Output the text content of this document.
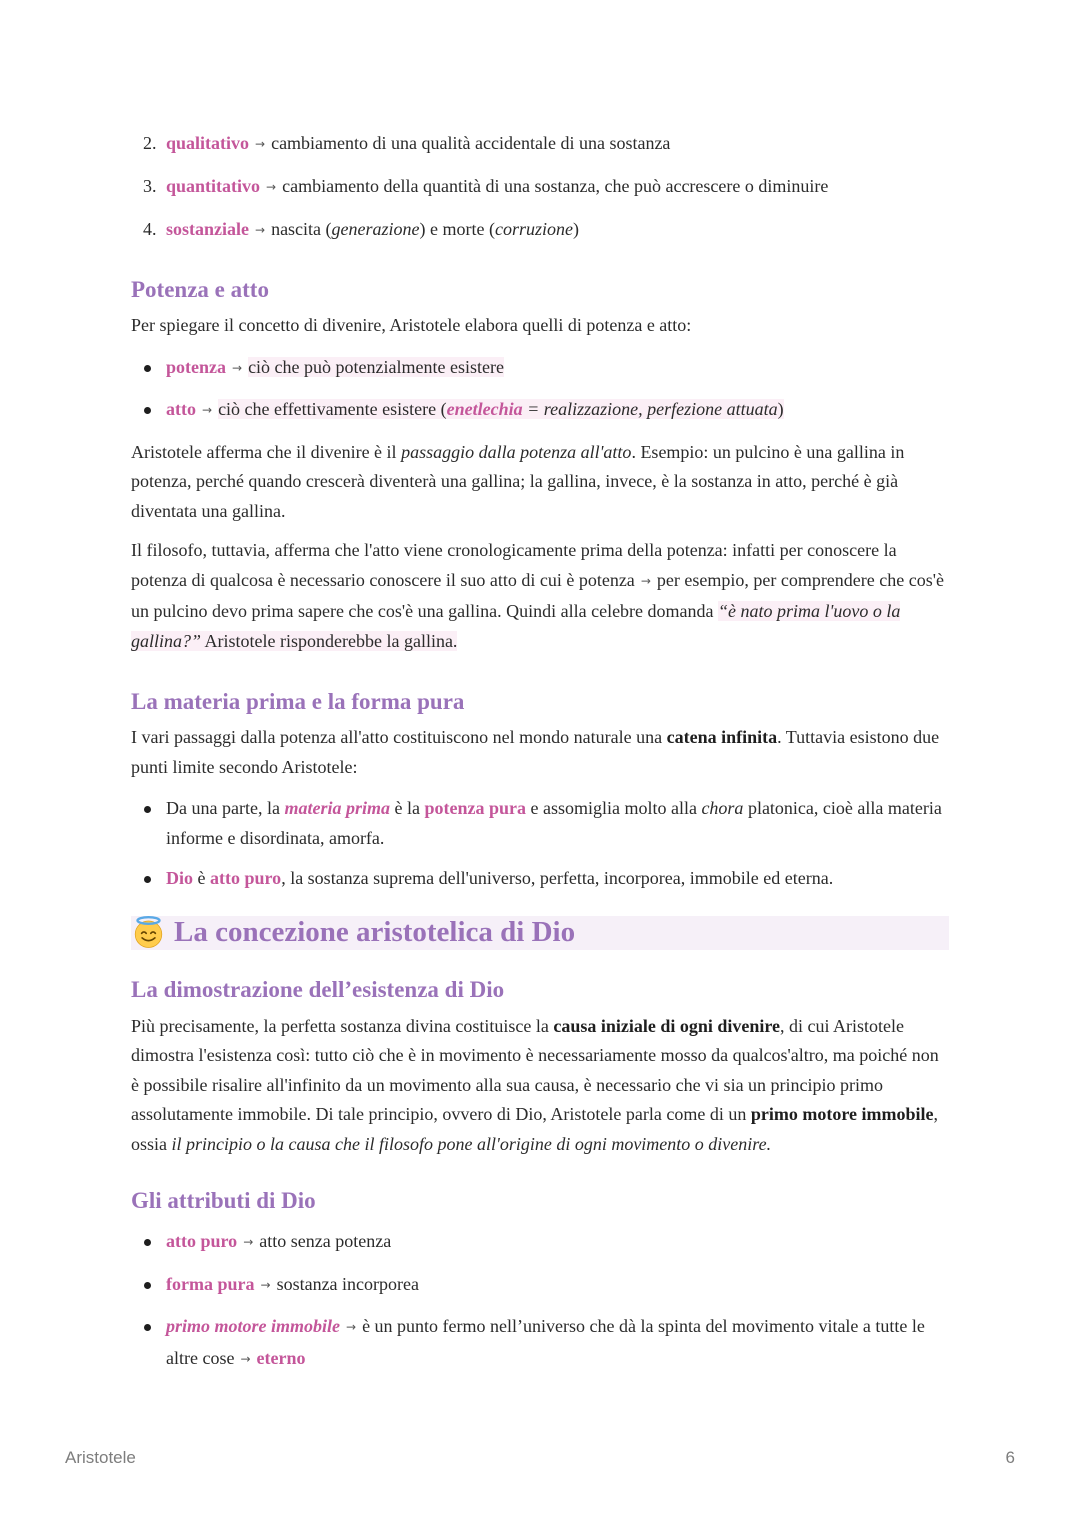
2. qualitativo → cambiamento di una qualità accidentale di una sostanza
3. quantitativo → cambiamento della quantità di una sostanza, che può accrescere o diminuire
4. sostanziale → nascita (generazione) e morte (corruzione)
Potenza e atto

Per spiegare il concetto di divenire, Aristotele elabora quelli di potenza e atto:

potenza → ciò che può potenzialmente esistere
atto → ciò che effettivamente esistere (enetlechia = realizzazione, perfezione attuata)

Aristotele afferma che il divenire è il passaggio dalla potenza all'atto. Esempio: un pulcino è una gallina in potenza, perché quando crescerà diventerà una gallina; la gallina, invece, è la sostanza in atto, perché è già diventata una gallina.

Il filosofo, tuttavia, afferma che l'atto viene cronologicamente prima della potenza: infatti per conoscere la potenza di qualcosa è necessario conoscere il suo atto di cui è potenza → per esempio, per comprendere che cos'è un pulcino devo prima sapere che cos'è una gallina. Quindi alla celebre domanda “è nato prima l'uovo o la gallina?” Aristotele risponderebbe la gallina.

La materia prima e la forma pura

I vari passaggi dalla potenza all'atto costituiscono nel mondo naturale una catena infinita. Tuttavia esistono due punti limite secondo Aristotele:

Da una parte, la materia prima è la potenza pura e assomiglia molto alla chora platonica, cioè alla materia informe e disordinata, amorfa.
Dio è atto puro, la sostanza suprema dell'universo, perfetta, incorporea, immobile ed eterna.
La concezione aristotelica di Dio
La dimostrazione dell’esistenza di Dio

Più precisamente, la perfetta sostanza divina costituisce la causa iniziale di ogni divenire, di cui Aristotele dimostra l'esistenza così: tutto ciò che è in movimento è necessariamente mosso da qualcos'altro, ma poiché non è possibile risalire all'infinito da un movimento alla sua causa, è necessario che vi sia un principio primo assolutamente immobile. Di tale principio, ovvero di Dio, Aristotele parla come di un primo motore immobile, ossia il principio o la causa che il filosofo pone all'origine di ogni movimento o divenire.

Gli attributi di Dio
atto puro → atto senza potenza
forma pura → sostanza incorporea
primo motore immobile → è un punto fermo nell’universo che dà la spinta del movimento vitale a tutte le altre cose → eterno
Aristotele	6
